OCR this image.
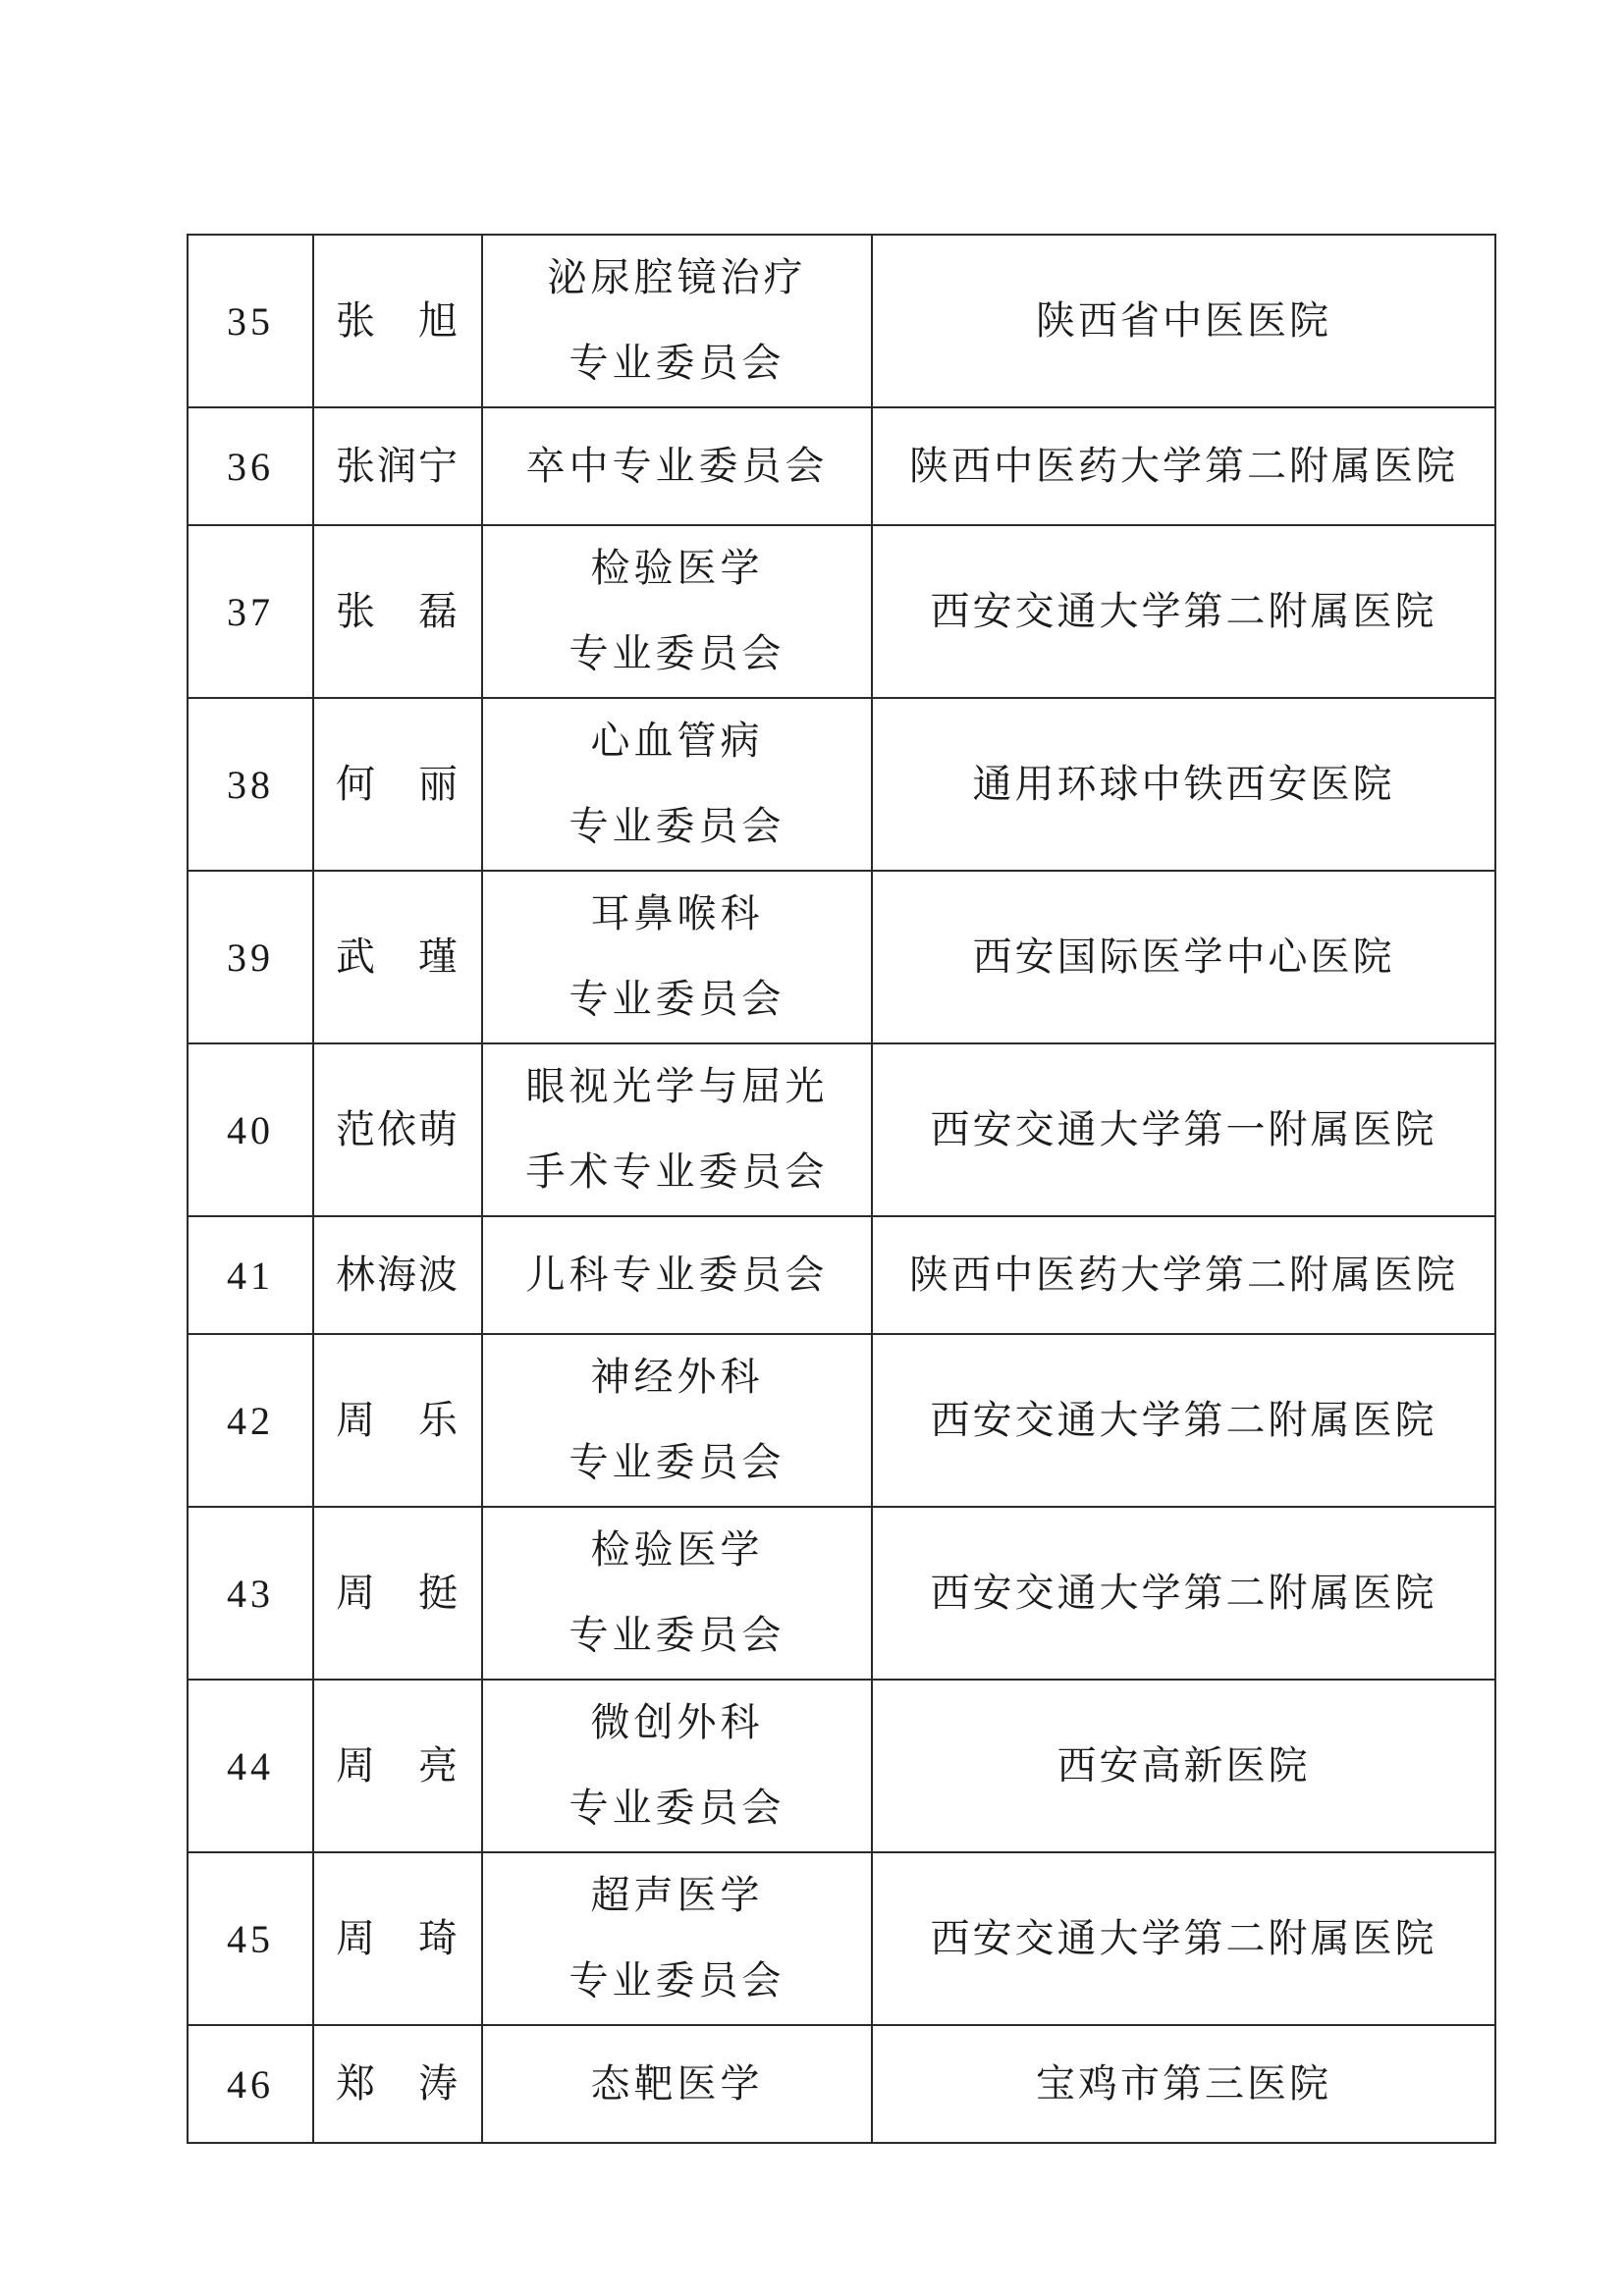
35	张　旭	泌尿腔镜治疗
专业委员会	陕西省中医医院
36	张润宁	卒中专业委员会	陕西中医药大学第二附属医院
37	张　磊	检验医学
专业委员会	西安交通大学第二附属医院
38	何　丽	心血管病
专业委员会	通用环球中铁西安医院
39	武　瑾	耳鼻喉科
专业委员会	西安国际医学中心医院
40	范依萌	眼视光学与屈光
手术专业委员会	西安交通大学第一附属医院
41	林海波	儿科专业委员会	陕西中医药大学第二附属医院
42	周　乐	神经外科
专业委员会	西安交通大学第二附属医院
43	周　挺	检验医学
专业委员会	西安交通大学第二附属医院
44	周　亮	微创外科
专业委员会	西安高新医院
45	周　琦	超声医学
专业委员会	西安交通大学第二附属医院
46	郑　涛	态靶医学	宝鸡市第三医院
